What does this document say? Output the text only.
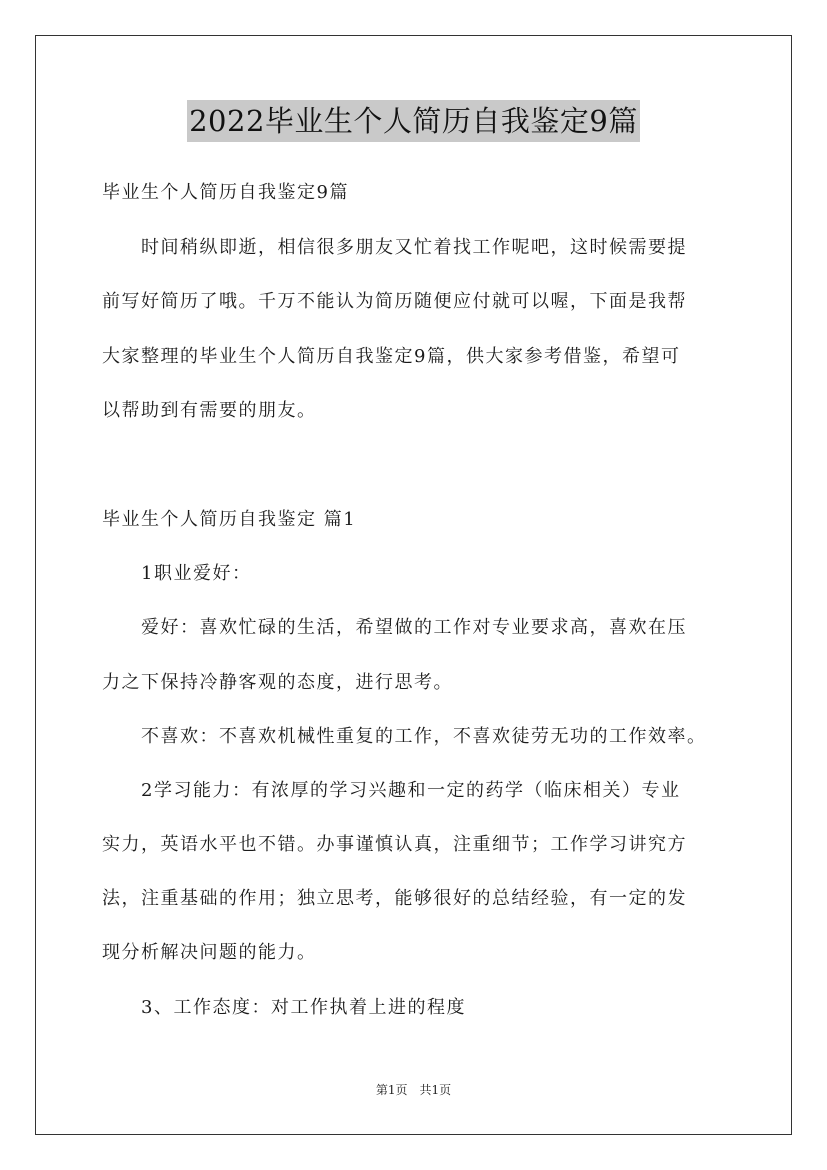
2022毕业生个人简历自我鉴定9篇
毕业生个人简历自我鉴定9篇
　　时间稍纵即逝，相信很多朋友又忙着找工作呢吧，这时候需要提
前写好简历了哦。千万不能认为简历随便应付就可以喔，下面是我帮
大家整理的毕业生个人简历自我鉴定9篇，供大家参考借鉴，希望可
以帮助到有需要的朋友。
毕业生个人简历自我鉴定 篇1
　　1职业爱好：
　　爱好：喜欢忙碌的生活，希望做的工作对专业要求高，喜欢在压
力之下保持冷静客观的态度，进行思考。
　　不喜欢：不喜欢机械性重复的工作，不喜欢徒劳无功的工作效率。
　　2学习能力：有浓厚的学习兴趣和一定的药学（临床相关）专业
实力，英语水平也不错。办事谨慎认真，注重细节；工作学习讲究方
法，注重基础的作用；独立思考，能够很好的总结经验，有一定的发
现分析解决问题的能力。
　　3、工作态度：对工作执着上进的程度
第1页　共1页
